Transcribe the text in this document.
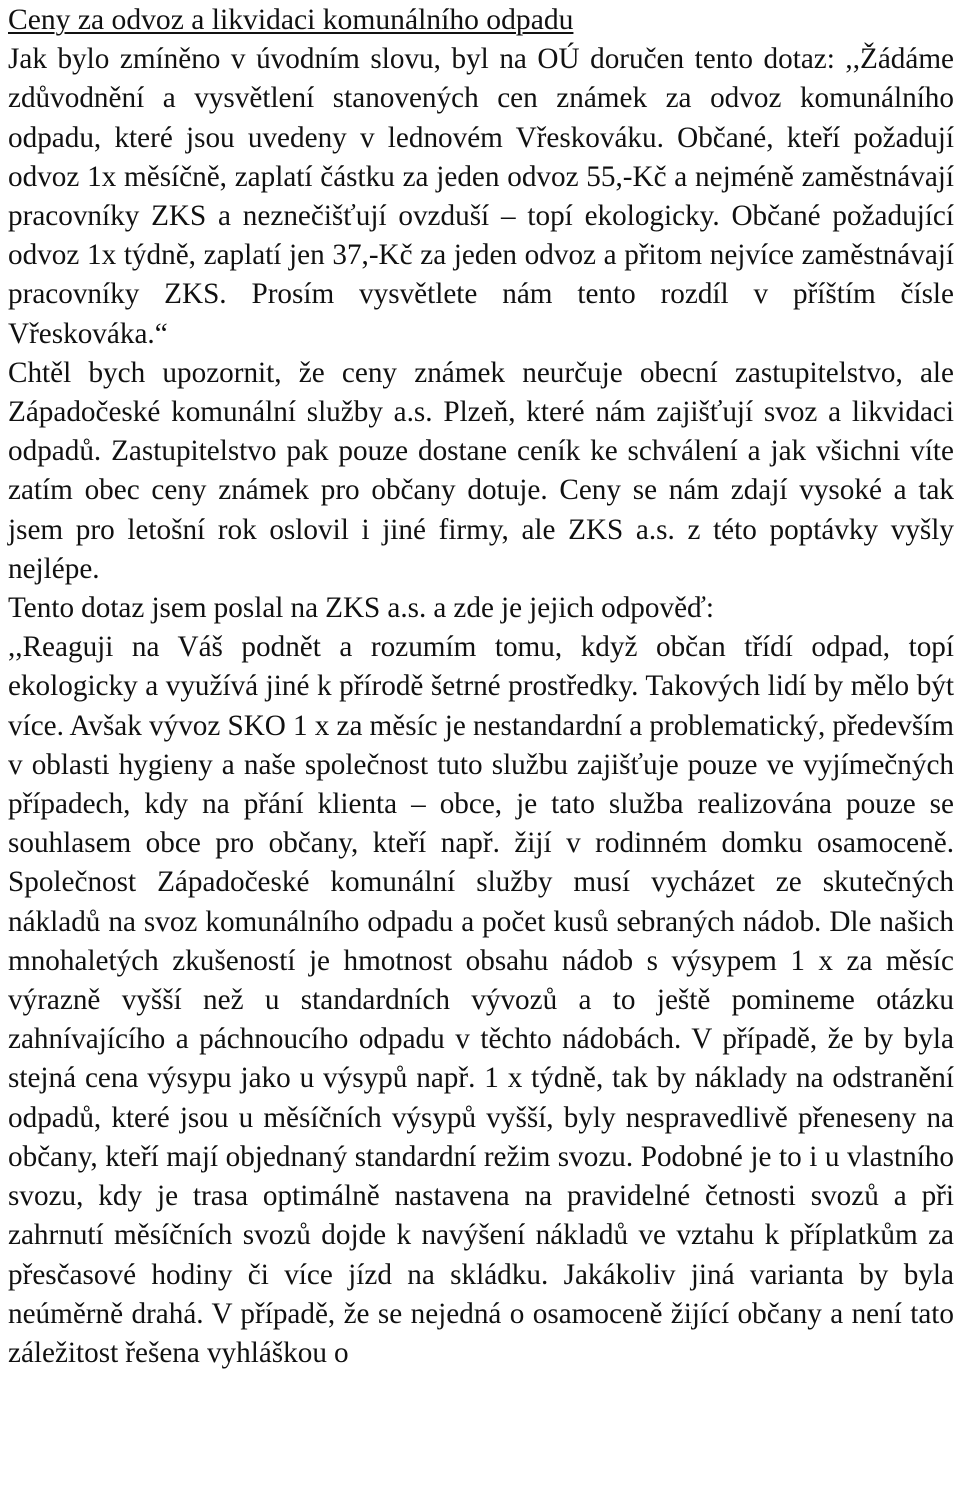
Ceny za odvoz a likvidaci komunálního odpadu

Jak bylo zmíněno v úvodním slovu, byl na OÚ doručen tento dotaz: ,,Žádáme zdůvodnění a vysvětlení stanovených cen známek za odvoz komunálního odpadu, které jsou uvedeny v lednovém Vřeskováku. Občané, kteří požadují odvoz 1x měsíčně, zaplatí částku za jeden odvoz 55,-Kč a nejméně zaměstnávají pracovníky ZKS a neznečišťují ovzduší – topí ekologicky. Občané požadující odvoz 1x týdně, zaplatí jen 37,-Kč za jeden odvoz a přitom nejvíce zaměstnávají pracovníky ZKS. Prosím vysvětlete nám tento rozdíl v příštím čísle Vřeskováka.“

Chtěl bych upozornit, že ceny známek neurčuje obecní zastupitelstvo, ale Západočeské komunální služby a.s. Plzeň, které nám zajišťují svoz a likvidaci odpadů. Zastupitelstvo pak pouze dostane ceník ke schválení a jak všichni víte zatím obec ceny známek pro občany dotuje. Ceny se nám zdají vysoké a tak jsem pro letošní rok oslovil i jiné firmy, ale ZKS a.s. z této poptávky vyšly nejlépe.

Tento dotaz jsem poslal na ZKS a.s. a zde je jejich odpověď:

,,Reaguji na Váš podnět a rozumím tomu, když občan třídí odpad, topí ekologicky a využívá jiné k přírodě šetrné prostředky. Takových lidí by mělo být více. Avšak vývoz SKO 1 x za měsíc je nestandardní a problematický, především v oblasti hygieny a naše společnost tuto službu zajišťuje pouze ve vyjímečných případech, kdy na přání klienta – obce, je tato služba realizována pouze se souhlasem obce pro občany, kteří např. žijí v rodinném domku osamoceně. Společnost Západočeské komunální služby musí vycházet ze skutečných nákladů na svoz komunálního odpadu a počet kusů sebraných nádob. Dle našich mnohaletých zkušeností je hmotnost obsahu nádob s výsypem 1 x za měsíc výrazně vyšší než u standardních vývozů a to ještě pomineme otázku zahnívajícího a páchnoucího odpadu v těchto nádobách. V případě, že by byla stejná cena výsypu jako u výsypů např. 1 x týdně, tak by náklady na odstranění odpadů, které jsou u měsíčních výsypů vyšší, byly nespravedlivě přeneseny na občany, kteří mají objednaný standardní režim svozu. Podobné je to i u vlastního svozu, kdy je trasa optimálně nastavena na pravidelné četnosti svozů a při zahrnutí měsíčních svozů dojde k navýšení nákladů ve vztahu k příplatkům za přesčasové hodiny či více jízd na skládku. Jakákoliv jiná varianta by byla neúměrně drahá. V případě, že se nejedná o osamoceně žijící občany a není tato záležitost řešena vyhláškou o
